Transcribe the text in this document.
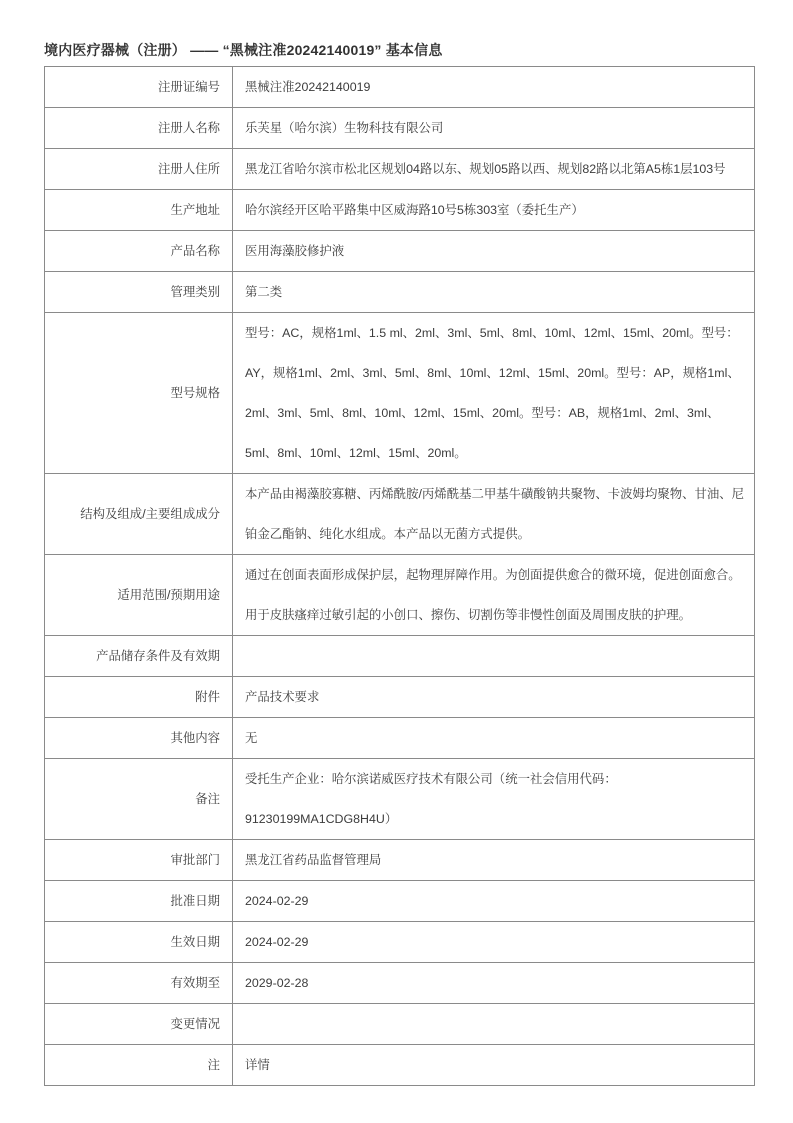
境内医疗器械（注册） —— “黑械注准20242140019” 基本信息
注册证编号 黑械注准20242140019
注册人名称 乐芙星（哈尔滨）生物科技有限公司
注册人住所 黑龙江省哈尔滨市松北区规划04路以东、规划05路以西、规划82路以北第A5栋1层103号
生产地址 哈尔滨经开区哈平路集中区威海路10号5栋303室（委托生产）
产品名称 医用海藻胶修护液
管理类别 第二类
型号规格
型号：AC，规格1ml、1.5 ml、2ml、3ml、5ml、8ml、10ml、12ml、15ml、20ml。型号：AY，规格1ml、2ml、3ml、5ml、8ml、10ml、12ml、15ml、20ml。型号：AP，规格1ml、2ml、3ml、5ml、8ml、10ml、12ml、15ml、20ml。型号：AB，规格1ml、2ml、3ml、5ml、8ml、10ml、12ml、15ml、20ml。
结构及组成/主要组成成分
本产品由褐藻胶寡糖、丙烯酰胺/丙烯酰基二甲基牛磺酸钠共聚物、卡波姆均聚物、甘油、尼铂金乙酯钠、纯化水组成。本产品以无菌方式提供。
适用范围/预期用途
通过在创面表面形成保护层，起物理屏障作用。为创面提供愈合的微环境，促进创面愈合。用于皮肤瘙痒过敏引起的小创口、擦伤、切割伤等非慢性创面及周围皮肤的护理。
产品储存条件及有效期
附件 产品技术要求
其他内容 无
备注
受托生产企业：哈尔滨诺威医疗技术有限公司（统一社会信用代码：91230199MA1CDG8H4U）
审批部门 黑龙江省药品监督管理局
批准日期 2024-02-29
生效日期 2024-02-29
有效期至 2029-02-28
变更情况
注 详情
